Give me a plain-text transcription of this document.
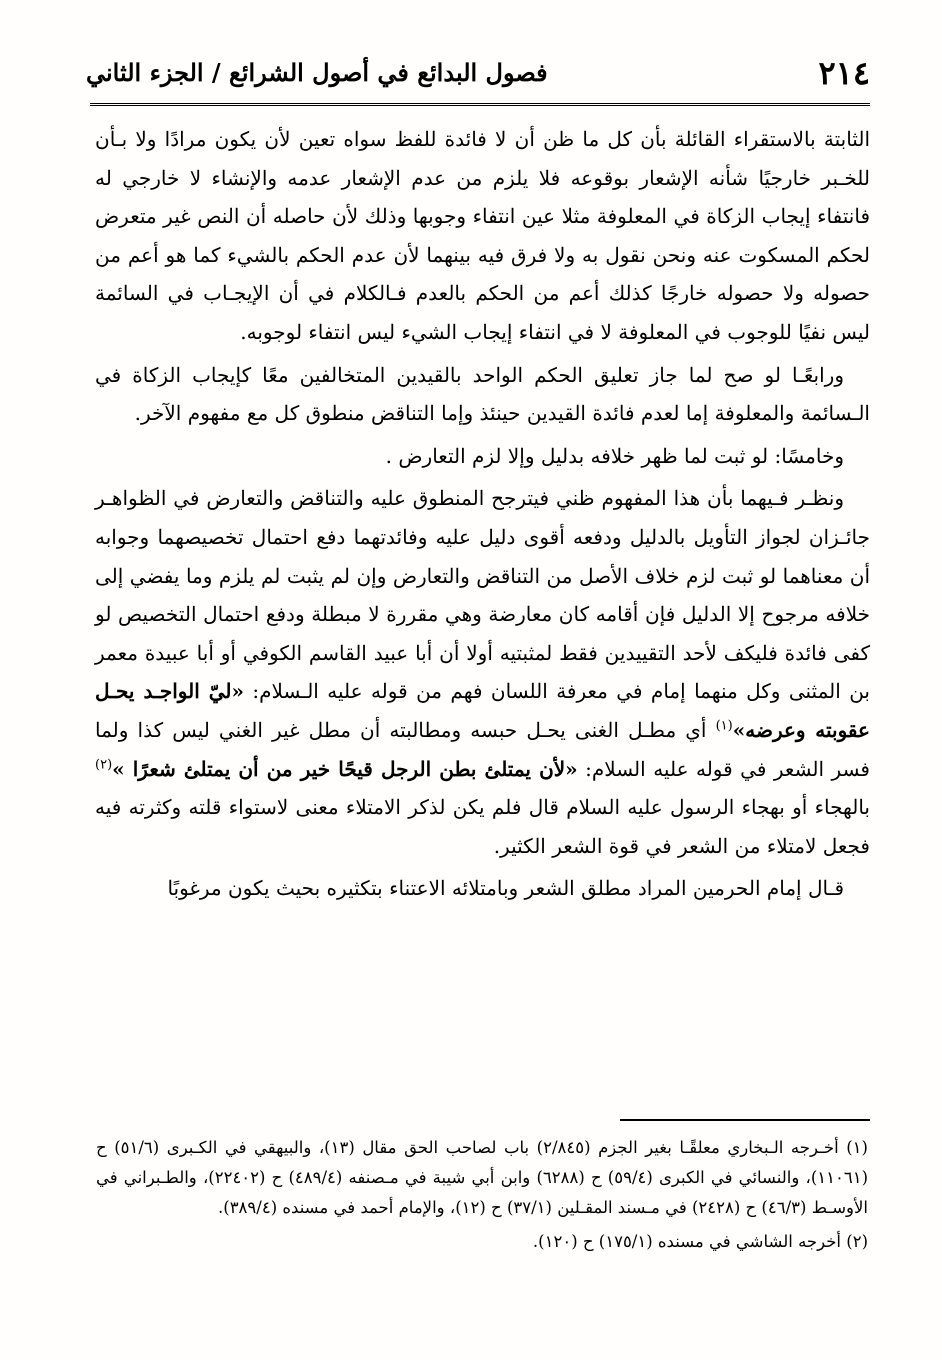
٢١٤
فصول البدائع في أصول الشرائع / الجزء الثاني

الثابتة بالاستقراء القائلة بأن كل ما ظن أن لا فائدة للفظ سواه تعين لأن يكون مرادًا ولا بـأن للخـبر خارجيًا شأنه الإشعار بوقوعه فلا يلزم من عدم الإشعار عدمه والإنشاء لا خارجي له فانتفاء إيجاب الزكاة في المعلوفة مثلا عين انتفاء وجوبها وذلك لأن حاصله أن النص غير متعرض لحكم المسكوت عنه ونحن نقول به ولا فرق فيه بينهما لأن عدم الحكم بالشيء كما هو أعم من حصوله ولا حصوله خارجًا كذلك أعم من الحكم بالعدم فـالكلام في أن الإيجـاب في السائمة ليس نفيًا للوجوب في المعلوفة لا في انتفاء إيجاب الشيء ليس انتفاء لوجوبه.

ورابعًـا لو صح لما جاز تعليق الحكم الواحد بالقيدين المتخالفين معًا كإيجاب الزكاة في الـسائمة والمعلوفة إما لعدم فائدة القيدين حينئذ وإما التناقض منطوق كل مع مفهوم الآخر.

وخامسًا: لو ثبت لما ظهر خلافه بدليل وإلا لزم التعارض .

ونظـر فـيهما بأن هذا المفهوم ظني فيترجح المنطوق عليه والتناقض والتعارض في الظواهـر جائـزان لجواز التأويل بالدليل ودفعه أقوى دليل عليه وفائدتهما دفع احتمال تخصيصهما وجوابه أن معناهما لو ثبت لزم خلاف الأصل من التناقض والتعارض وإن لم يثبت لم يلزم وما يفضي إلى خلافه مرجوح إلا الدليل فإن أقامه كان معارضة وهي مقررة لا مبطلة ودفع احتمال التخصيص لو كفى فائدة فليكف لأحد التقييدين فقط لمثبتيه أولا أن أبا عبيد القاسم الكوفي أو أبا عبيدة معمر بن المثنى وكل منهما إمام في معرفة اللسان فهم من قوله عليه الـسلام: «ليّ الواجـد يحـل عقوبته وعرضه»$^{(١)}$ أي مطـل الغنى يحـل حبسه ومطالبته أن مطل غير الغني ليس كذا ولما فسر الشعر في قوله عليه السلام: «لأن يمتلئ بطن الرجل قيحًا خير من أن يمتلئ شعرًا »$^{(٢)}$ بالهجاء أو بهجاء الرسول عليه السلام قال فلم يكن لذكر الامتلاء معنى لاستواء قلته وكثرته فيه فجعل لامتلاء من الشعر في قوة الشعر الكثير.

قـال إمام الحرمين المراد مطلق الشعر وبامتلائه الاعتناء بتكثيره بحيث يكون مرغوبًا

(١) أخـرجه الـبخاري معلقًـا بغير الجزم (٢/٨٤٥) باب لصاحب الحق مقال (١٣)، والبيهقي في الكـبرى (٥١/٦) ح (١١٠٦١)، والنسائي في الكبرى (٥٩/٤) ح (٦٢٨٨) وابن أبي شيبة في مـصنفه (٤٨٩/٤) ح (٢٢٤٠٢)، والطـبراني في الأوسـط (٤٦/٣) ح (٢٤٢٨) في مـسند المقـلين (٣٧/١) ح (١٢)، والإمام أحمد في مسنده (٣٨٩/٤).

(٢) أخرجه الشاشي في مسنده (١٧٥/١) ح (١٢٠).
